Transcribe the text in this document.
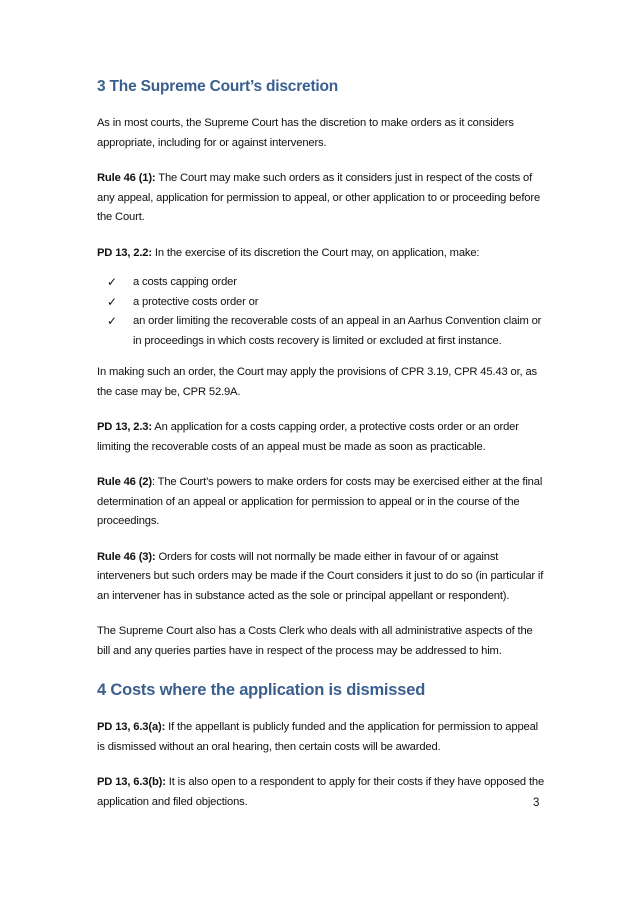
3 The Supreme Court’s discretion

As in most courts, the Supreme Court has the discretion to make orders as it considers appropriate, including for or against interveners.

Rule 46 (1): The Court may make such orders as it considers just in respect of the costs of any appeal, application for permission to appeal, or other application to or proceeding before the Court.

PD 13, 2.2: In the exercise of its discretion the Court may, on application, make:

✓ a costs capping order
✓ a protective costs order or
✓ an order limiting the recoverable costs of an appeal in an Aarhus Convention claim or in proceedings in which costs recovery is limited or excluded at first instance.

In making such an order, the Court may apply the provisions of CPR 3.19, CPR 45.43 or, as the case may be, CPR 52.9A.

PD 13, 2.3: An application for a costs capping order, a protective costs order or an order limiting the recoverable costs of an appeal must be made as soon as practicable.

Rule 46 (2): The Court’s powers to make orders for costs may be exercised either at the final determination of an appeal or application for permission to appeal or in the course of the proceedings.

Rule 46 (3): Orders for costs will not normally be made either in favour of or against interveners but such orders may be made if the Court considers it just to do so (in particular if an intervener has in substance acted as the sole or principal appellant or respondent).

The Supreme Court also has a Costs Clerk who deals with all administrative aspects of the bill and any queries parties have in respect of the process may be addressed to him.

4 Costs where the application is dismissed

PD 13, 6.3(a): If the appellant is publicly funded and the application for permission to appeal is dismissed without an oral hearing, then certain costs will be awarded.

PD 13, 6.3(b): It is also open to a respondent to apply for their costs if they have opposed the application and filed objections.	3
